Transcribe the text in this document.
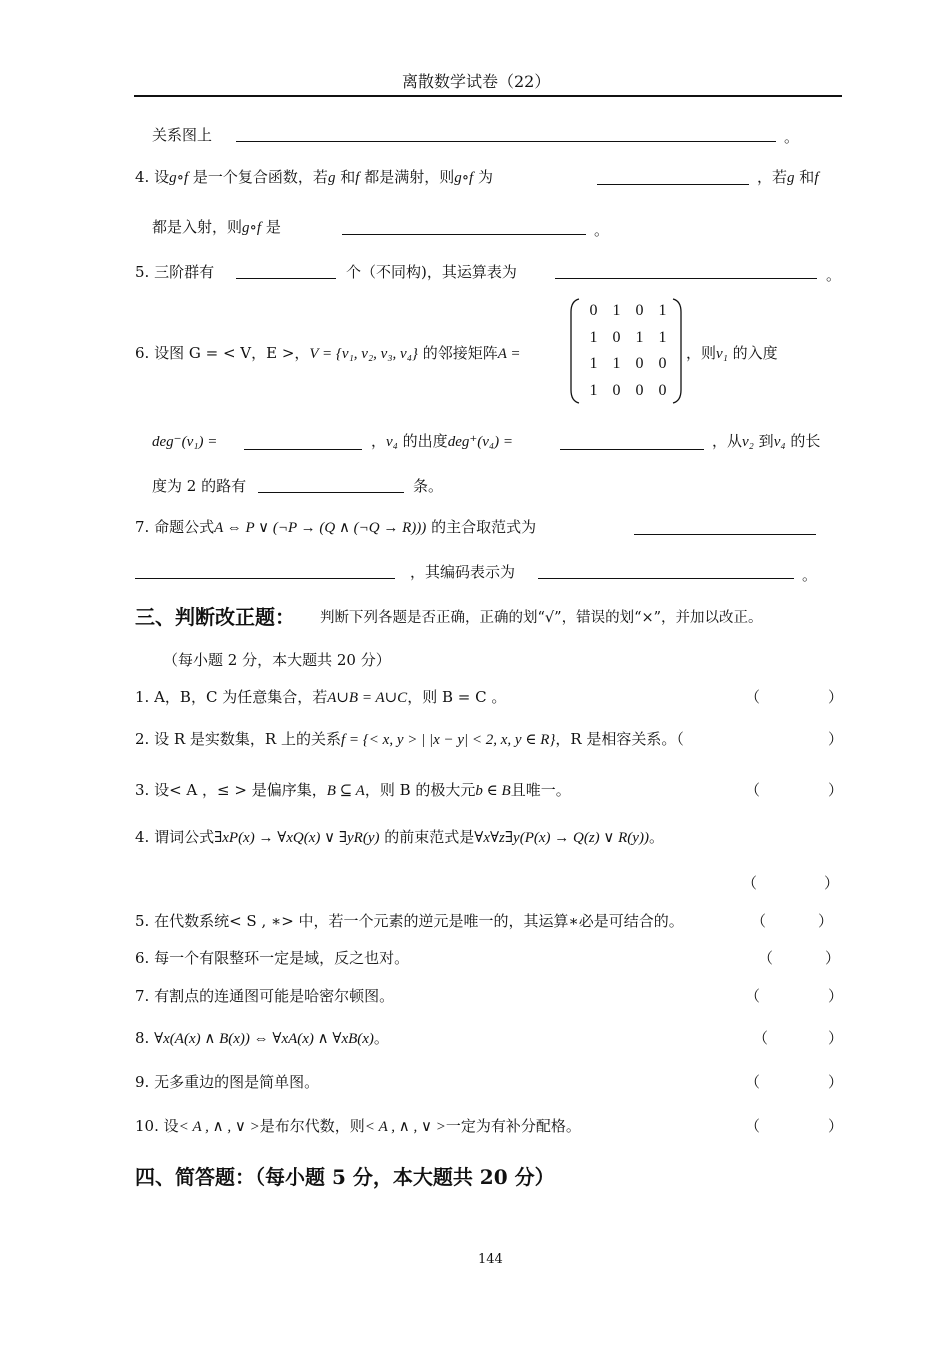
离散数学试卷（22）
关系图上	。
4. 设g∘f 是一个复合函数，若g 和f 都是满射，则g∘f 为	，若g 和f
都是入射，则g∘f 是	。
5. 三阶群有	个（不同构)，其运算表为	。
6. 设图 G = < V，E >，V = {v₁, v₂, v₃, v₄} 的邻接矩阵A =
0 1 0 1
1 0 1 1
1 1 0 0
1 0 0 0
，则v₁ 的入度
deg⁻(v₁) =	，v₄ 的出度deg⁺(v₄) =	，从v₂ 到v₄ 的长
度为 2 的路有	条。
7. 命题公式A ⇔ P ∨ (¬P → (Q ∧ (¬Q → R))) 的主合取范式为
，其编码表示为	。
三、判断改正题： 判断下列各题是否正确，正确的划“√”，错误的划“×”，并加以改正。
（每小题 2 分，本大题共 20 分）
1. A，B，C 为任意集合，若A∪B = A∪C，则 B = C 。	（	）
2. 设 R 是实数集，R 上的关系f = {< x, y > | |x − y| < 2, x, y ∈ R}，R 是相容关系。（	）
3. 设< A ，≤ > 是偏序集，B ⊆ A，则 B 的极大元b ∈ B且唯一。	（	）
4. 谓词公式∃xP(x) → ∀xQ(x) ∨ ∃yR(y) 的前束范式是∀x∀z∃y(P(x) → Q(z) ∨ R(y))。
（	）
5. 在代数系统< S , ∗> 中，若一个元素的逆元是唯一的，其运算∗必是可结合的。	（	）
6. 每一个有限整环一定是域，反之也对。	（	）
7. 有割点的连通图可能是哈密尔顿图。	（	）
8. ∀x(A(x) ∧ B(x)) ⇔ ∀xA(x) ∧ ∀xB(x)。	（	）
9. 无多重边的图是简单图。	（	）
10. 设< A , ∧ , ∨ >是布尔代数，则< A , ∧ , ∨ >一定为有补分配格。	（	）
四、简答题：（每小题 5 分，本大题共 20 分）
144
